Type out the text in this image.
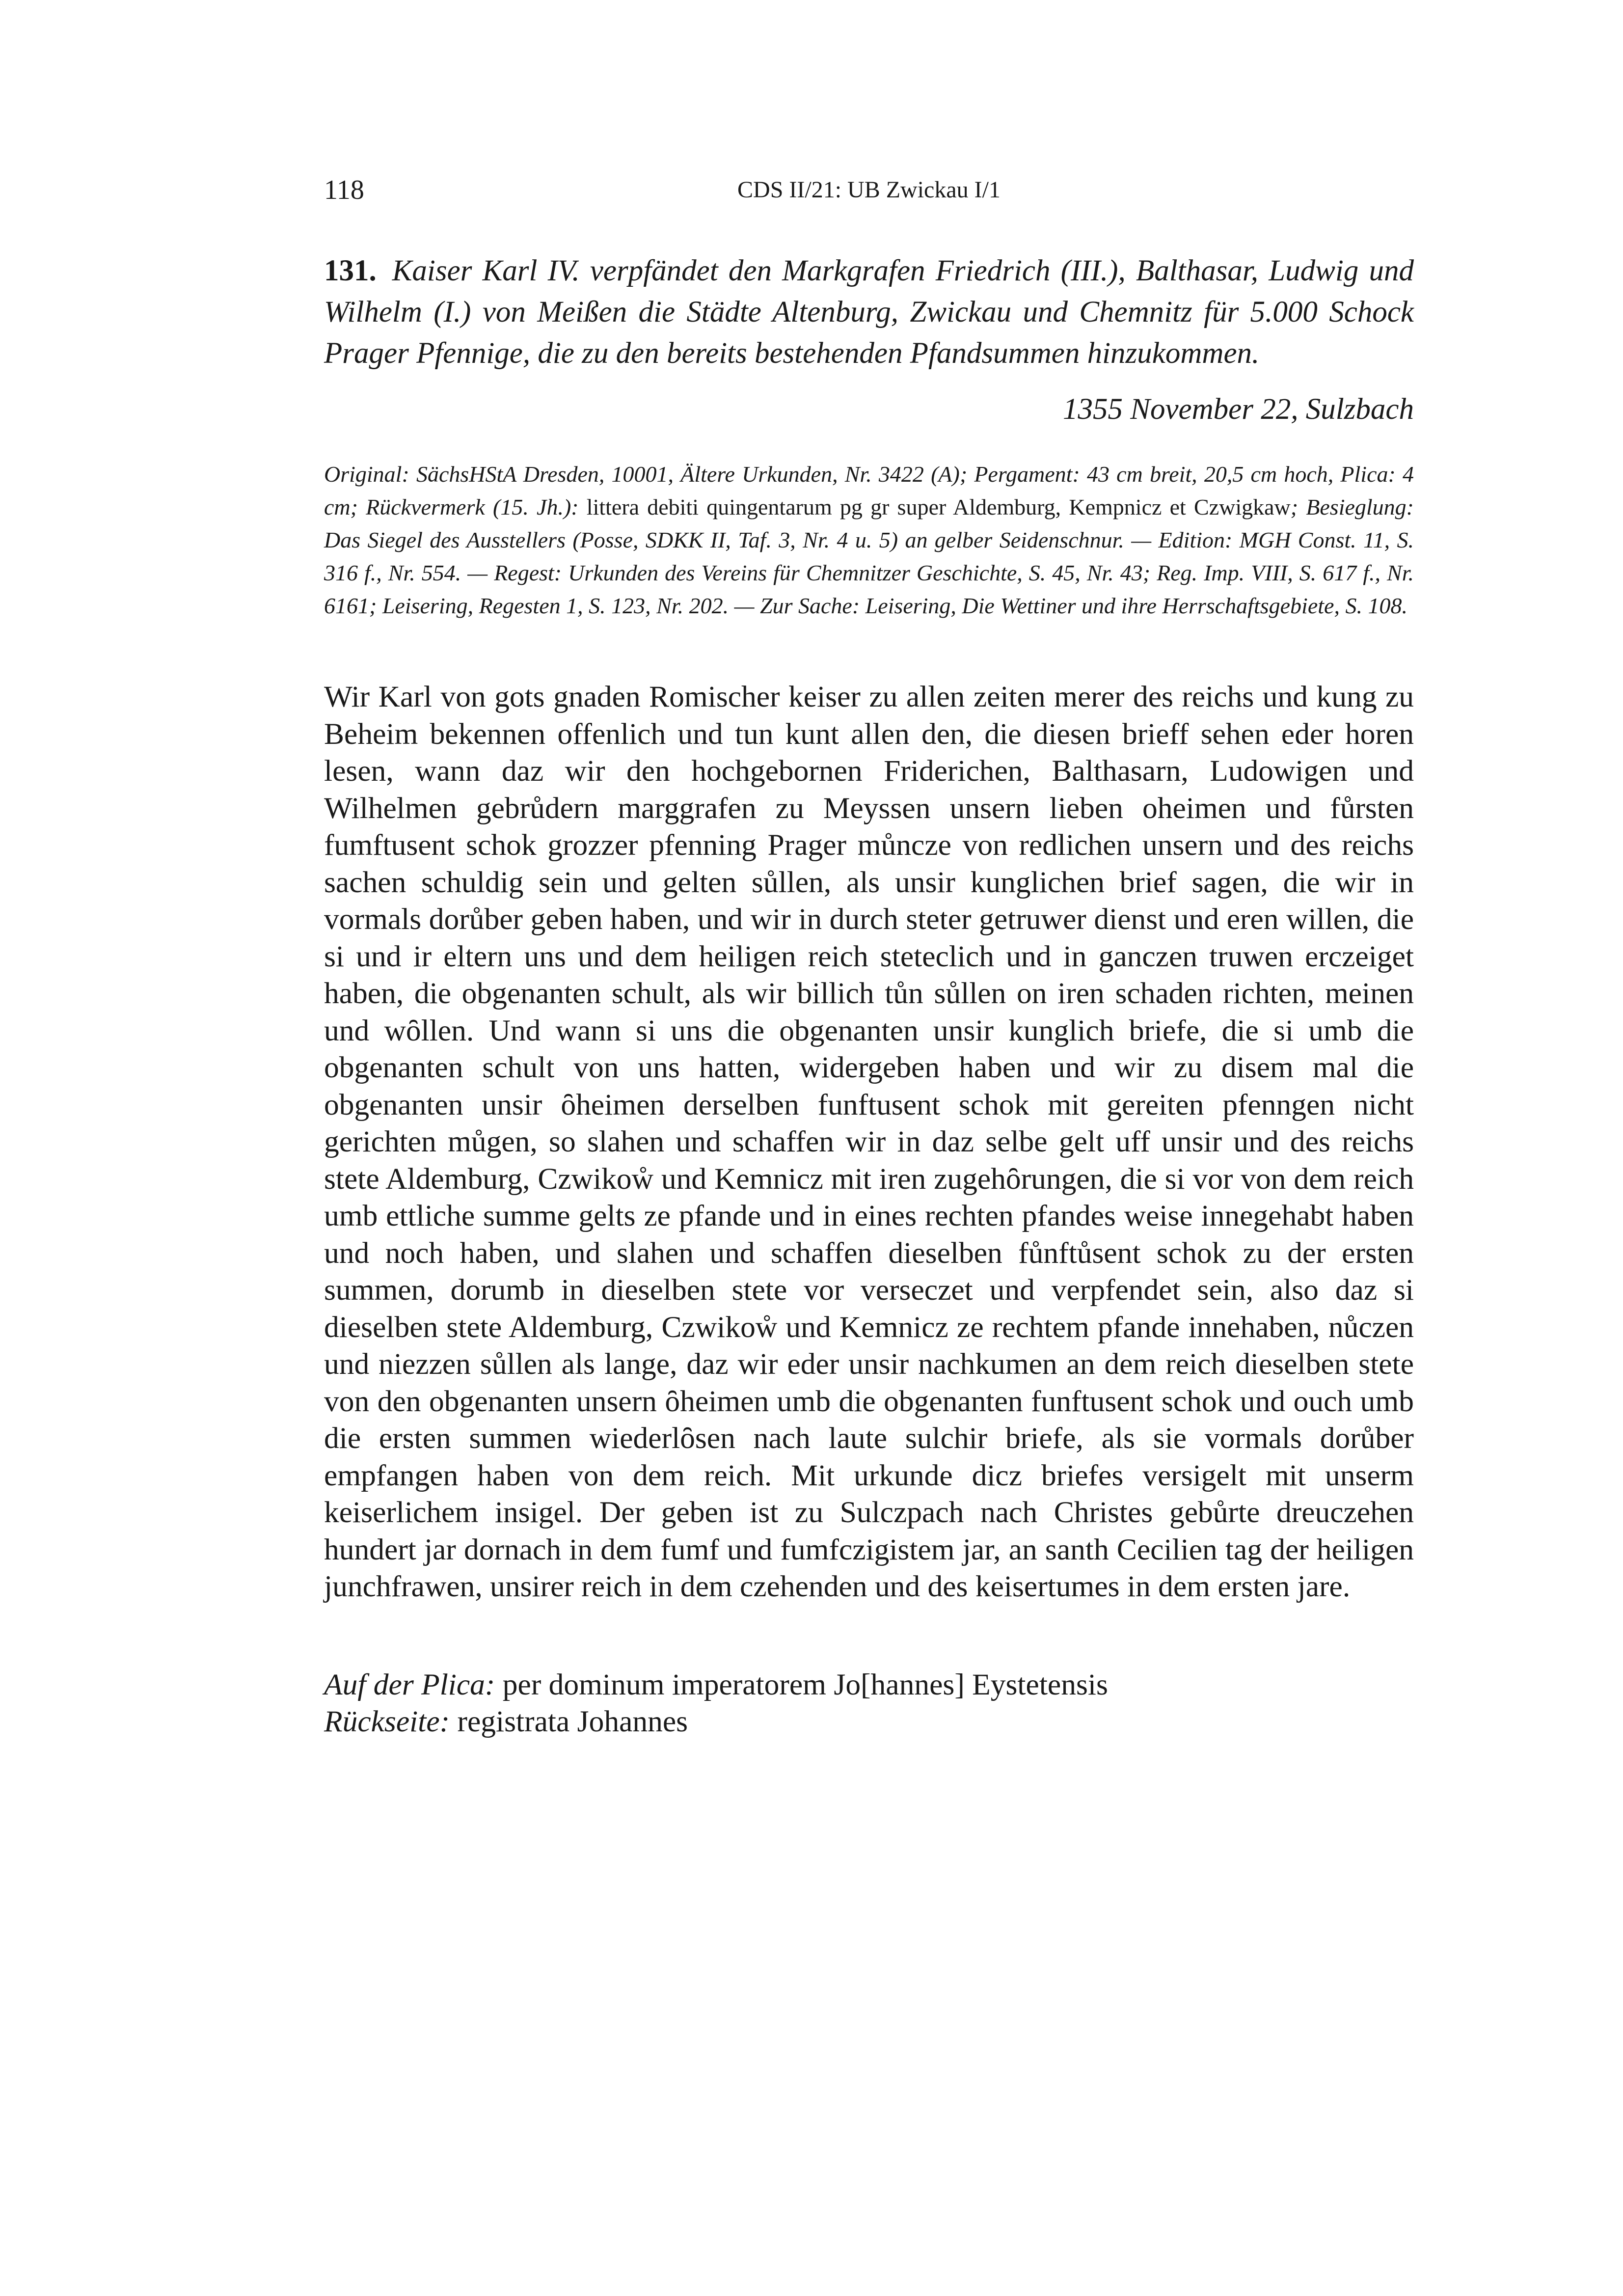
118	CDS II/21: UB Zwickau I/1
131. Kaiser Karl IV. verpfändet den Markgrafen Friedrich (III.), Balthasar, Ludwig und Wilhelm (I.) von Meißen die Städte Altenburg, Zwickau und Chemnitz für 5.000 Schock Prager Pfennige, die zu den bereits bestehenden Pfandsummen hinzukommen.
1355 November 22, Sulzbach
Original: SächsHStA Dresden, 10001, Ältere Urkunden, Nr. 3422 (A); Pergament: 43 cm breit, 20,5 cm hoch, Plica: 4 cm; Rückvermerk (15. Jh.): littera debiti quingentarum pg gr super Aldemburg, Kempnicz et Czwigkaw; Besieglung: Das Siegel des Ausstellers (Posse, SDKK II, Taf. 3, Nr. 4 u. 5) an gelber Seidenschnur. — Edition: MGH Const. 11, S. 316 f., Nr. 554. — Regest: Urkunden des Vereins für Chemnitzer Geschichte, S. 45, Nr. 43; Reg. Imp. VIII, S. 617 f., Nr. 6161; Leisering, Regesten 1, S. 123, Nr. 202. — Zur Sache: Leisering, Die Wettiner und ihre Herrschaftsgebiete, S. 108.
Wir Karl von gots gnaden Romischer keiser zu allen zeiten merer des reichs und kung zu Beheim bekennen offenlich und tun kunt allen den, die diesen brieff sehen eder horen lesen, wann daz wir den hochgebornen Friderichen, Balthasarn, Ludowigen und Wilhelmen gebrůdern marggrafen zu Meyssen unsern lieben oheimen und fůrsten fumftusent schok grozzer pfenning Prager můncze von redlichen unsern und des reichs sachen schuldig sein und gelten sůllen, als unsir kunglichen brief sagen, die wir in vormals dorůber geben haben, und wir in durch steter getruwer dienst und eren willen, die si und ir eltern uns und dem heiligen reich steteclich und in ganczen truwen erczeiget haben, die obgenanten schult, als wir billich tůn sůllen on iren schaden richten, meinen und wȏllen. Und wann si uns die obgenanten unsir kunglich briefe, die si umb die obgenanten schult von uns hatten, widergeben haben und wir zu disem mal die obgenanten unsir ȏheimen derselben funftusent schok mit gereiten pfenngen nicht gerichten můgen, so slahen und schaffen wir in daz selbe gelt uff unsir und des reichs stete Aldemburg, Czwikoẘ und Kemnicz mit iren zugehȏrungen, die si vor von dem reich umb ettliche summe gelts ze pfande und in eines rechten pfandes weise innegehabt haben und noch haben, und slahen und schaffen dieselben fůnftůsent schok zu der ersten summen, dorumb in dieselben stete vor verseczet und verpfendet sein, also daz si dieselben stete Aldemburg, Czwikoẘ und Kemnicz ze rechtem pfande innehaben, nůczen und niezzen sůllen als lange, daz wir eder unsir nachkumen an dem reich dieselben stete von den obgenanten unsern ȏheimen umb die obgenanten funftusent schok und ouch umb die ersten summen wiederlȏsen nach laute sulchir briefe, als sie vormals dorůber empfangen haben von dem reich. Mit urkunde dicz briefes versigelt mit unserm keiserlichem insigel. Der geben ist zu Sulczpach nach Christes gebůrte dreuczehen hundert jar dornach in dem fumf und fumfczigistem jar, an santh Cecilien tag der heiligen junchfrawen, unsirer reich in dem czehenden und des keisertumes in dem ersten jare.
Auf der Plica: per dominum imperatorem Jo[hannes] Eystetensis
Rückseite: registrata Johannes
